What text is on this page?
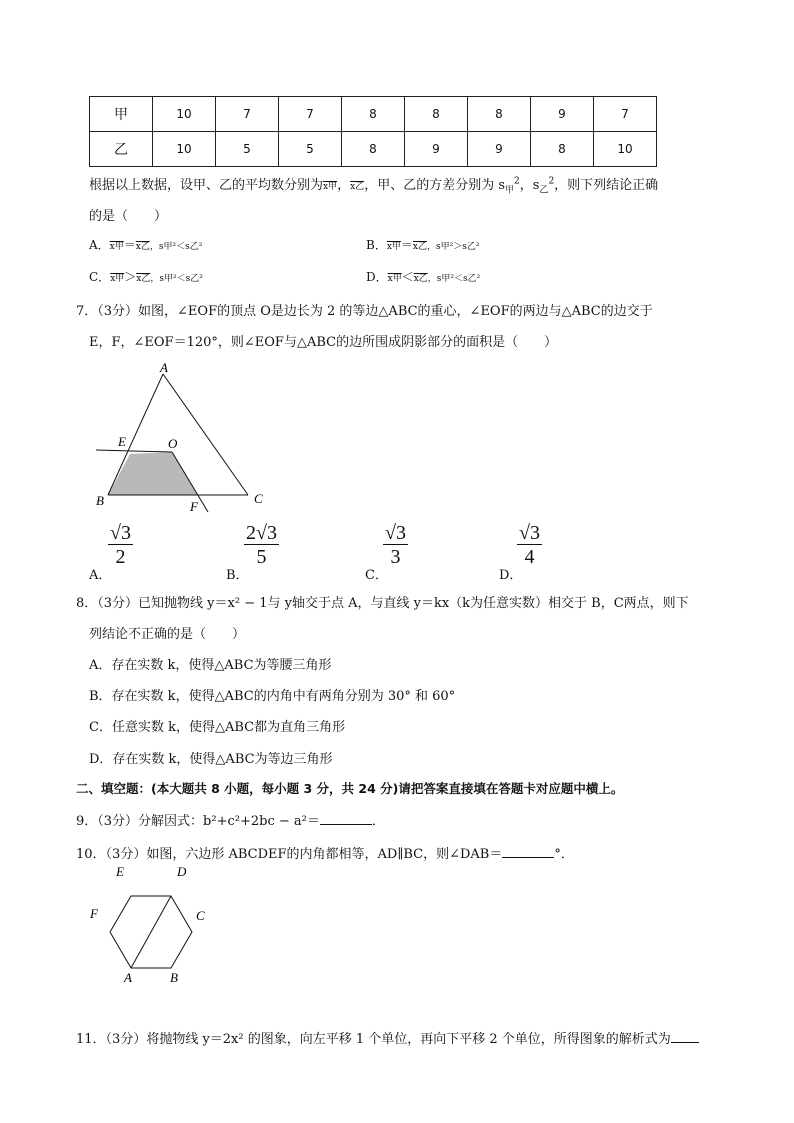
甲	10	7	7	8	8	8	9	7
乙	10	5	5	8	9	9	8	10
根据以上数据，设甲、乙的平均数分别为x甲，x乙，甲、乙的方差分别为 $s_甲^2$，$s_乙^2$，则下列结论正确
的是（　　）
A．x甲＝x乙，s甲²＜s乙²	B．x甲＝x乙，s甲²＞s乙²
C．x甲＞x乙，s甲²＜s乙²	D．x甲＜x乙，s甲²＜s乙²
7．（3分）如图，∠EOF的顶点 O是边长为 2 的等边△ABC的重心，∠EOF的两边与△ABC的边交于
E，F，∠EOF＝120°，则∠EOF与△ABC的边所围成阴影部分的面积是（　　）
A
B	C
E	O
F
A．
$\frac{√3}{2}$
B．
$\frac{2√3}{5}$
C．
$\frac{√3}{3}$
D．
$\frac{√3}{4}$
8．（3分）已知抛物线 y＝x² − 1与 y轴交于点 A，与直线 y＝kx（k为任意实数）相交于 B，C两点，则下
列结论不正确的是（　　）
A．存在实数 k，使得△ABC为等腰三角形
B．存在实数 k，使得△ABC的内角中有两角分别为 30° 和 60°
C．任意实数 k，使得△ABC都为直角三角形
D．存在实数 k，使得△ABC为等边三角形
二、填空题：(本大题共 8 小题，每小题 3 分，共 24 分)请把答案直接填在答题卡对应题中横上。
9．（3分）分解因式：b²+c²+2bc − a²＝	．
10．（3分）如图，六边形 ABCDEF的内角都相等，AD∥BC，则∠DAB＝	°．
A	B
C
D
E
F
11．（3分）将抛物线 y＝2x² 的图象，向左平移 1 个单位，再向下平移 2 个单位，所得图象的解析式为
